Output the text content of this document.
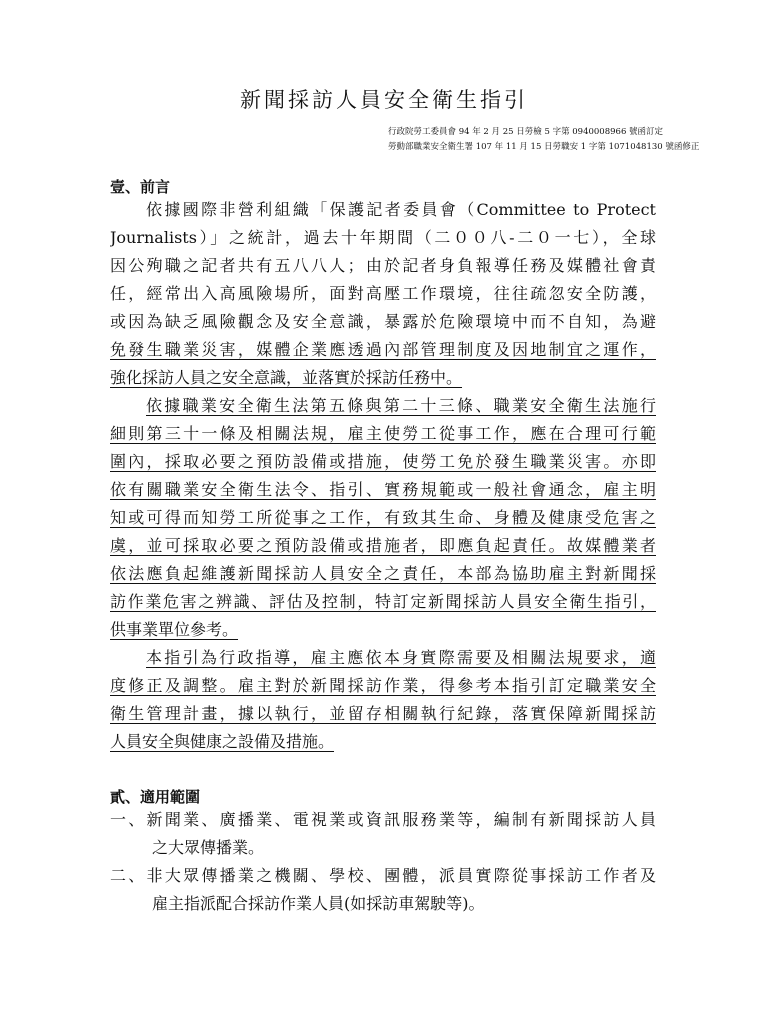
新聞採訪人員安全衛生指引
行政院勞工委員會 94 年 2 月 25 日勞檢 5 字第 0940008966 號函訂定
勞動部職業安全衛生署 107 年 11 月 15 日勞職安 1 字第 1071048130 號函修正
壹、前言
依據國際非營利組織「保護記者委員會（Committee to Protect
Journalists）」之統計，過去十年期間（二００八-二０一七），全球
因公殉職之記者共有五八八人；由於記者身負報導任務及媒體社會責
任，經常出入高風險場所，面對高壓工作環境，往往疏忽安全防護，
或因為缺乏風險觀念及安全意識，暴露於危險環境中而不自知，為避
免發生職業災害，媒體企業應透過內部管理制度及因地制宜之運作，
強化採訪人員之安全意識，並落實於採訪任務中。
依據職業安全衛生法第五條與第二十三條、職業安全衛生法施行
細則第三十一條及相關法規，雇主使勞工從事工作，應在合理可行範
圍內，採取必要之預防設備或措施，使勞工免於發生職業災害。亦即
依有關職業安全衛生法令、指引、實務規範或一般社會通念，雇主明
知或可得而知勞工所從事之工作，有致其生命、身體及健康受危害之
虞，並可採取必要之預防設備或措施者，即應負起責任。故媒體業者
依法應負起維護新聞採訪人員安全之責任，本部為協助雇主對新聞採
訪作業危害之辨識、評估及控制，特訂定新聞採訪人員安全衛生指引，
供事業單位參考。
本指引為行政指導，雇主應依本身實際需要及相關法規要求，適
度修正及調整。雇主對於新聞採訪作業，得參考本指引訂定職業安全
衛生管理計畫，據以執行，並留存相關執行紀錄，落實保障新聞採訪
人員安全與健康之設備及措施。
貳、適用範圍
一、新聞業、廣播業、電視業或資訊服務業等，編制有新聞採訪人員
之大眾傳播業。
二、非大眾傳播業之機關、學校、團體，派員實際從事採訪工作者及
雇主指派配合採訪作業人員(如採訪車駕駛等)。
